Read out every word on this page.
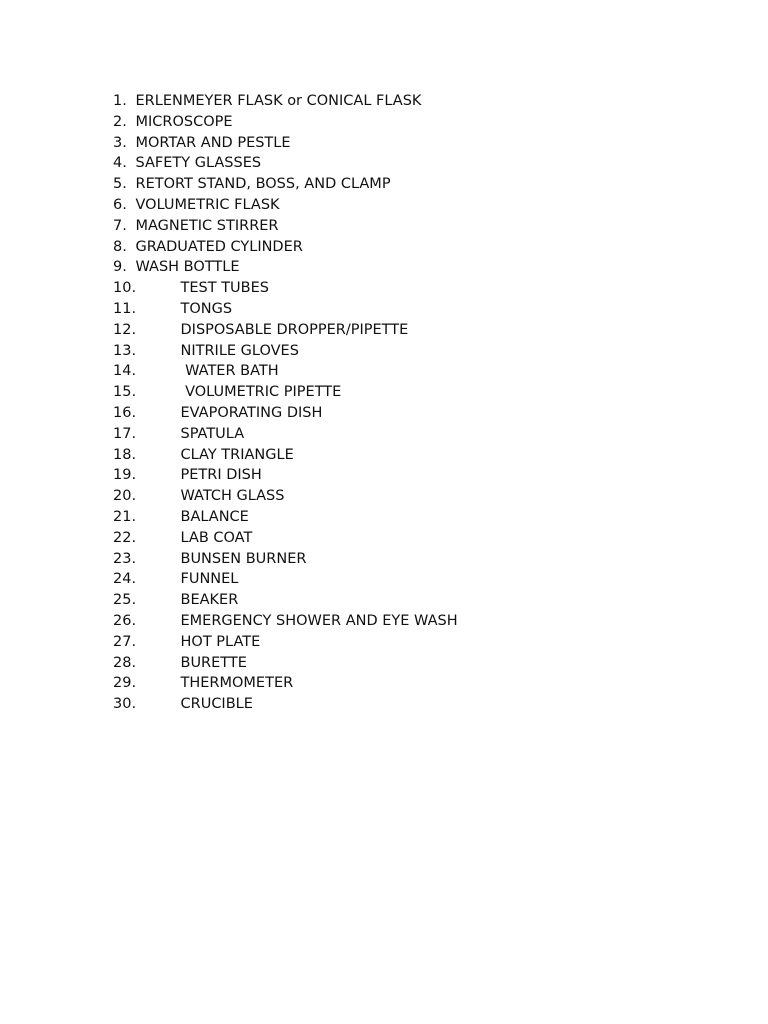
1. ERLENMEYER FLASK or CONICAL FLASK
2. MICROSCOPE
3. MORTAR AND PESTLE
4. SAFETY GLASSES
5. RETORT STAND, BOSS, AND CLAMP
6. VOLUMETRIC FLASK
7. MAGNETIC STIRRER
8. GRADUATED CYLINDER
9. WASH BOTTLE
10.	TEST TUBES
11.	TONGS
12.	DISPOSABLE DROPPER/PIPETTE
13.	NITRILE GLOVES
14.	WATER BATH
15.	VOLUMETRIC PIPETTE
16.	EVAPORATING DISH
17.	SPATULA
18.	CLAY TRIANGLE
19.	PETRI DISH
20.	WATCH GLASS
21.	BALANCE
22.	LAB COAT
23.	BUNSEN BURNER
24.	FUNNEL
25.	BEAKER
26.	EMERGENCY SHOWER AND EYE WASH
27.	HOT PLATE
28.	BURETTE
29.	THERMOMETER
30.	CRUCIBLE
